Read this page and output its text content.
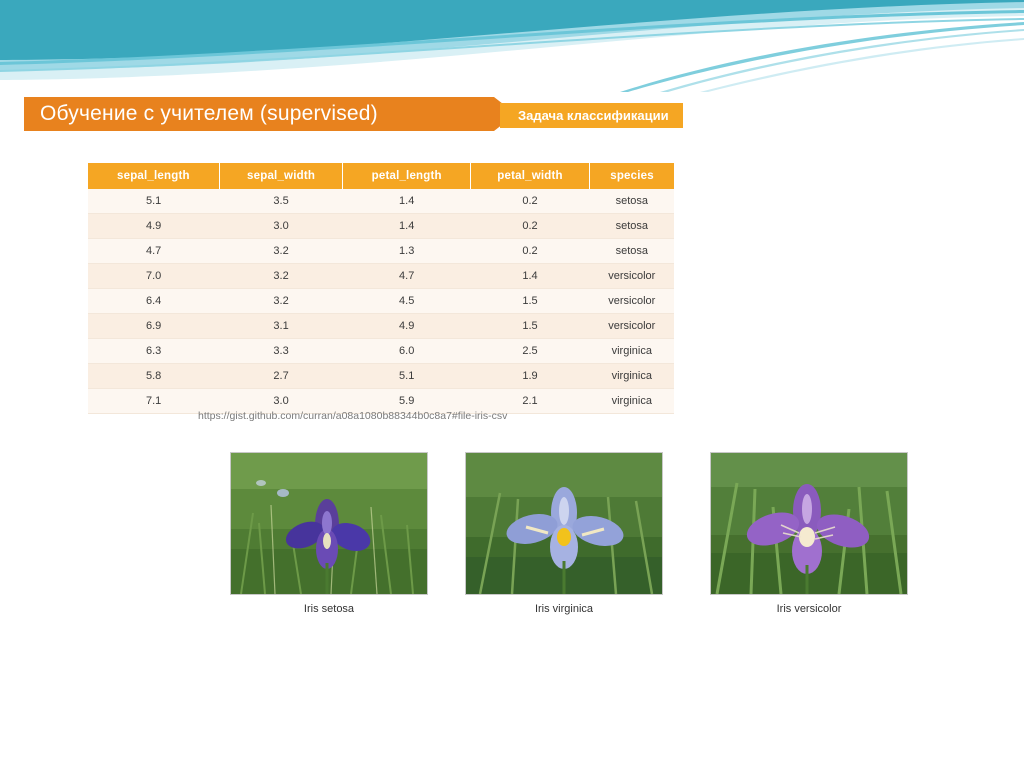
Обучение с учителем (supervised)	Задача классификации
sepal_length	sepal_width	petal_length	petal_width	species
5.1	3.5	1.4	0.2	setosa
4.9	3.0	1.4	0.2	setosa
4.7	3.2	1.3	0.2	setosa
7.0	3.2	4.7	1.4	versicolor
6.4	3.2	4.5	1.5	versicolor
6.9	3.1	4.9	1.5	versicolor
6.3	3.3	6.0	2.5	virginica
5.8	2.7	5.1	1.9	virginica
7.1	3.0	5.9	2.1	virginica
https://gist.github.com/curran/a08a1080b88344b0c8a7#file-iris-csv
Iris setosa	Iris virginica	Iris versicolor
